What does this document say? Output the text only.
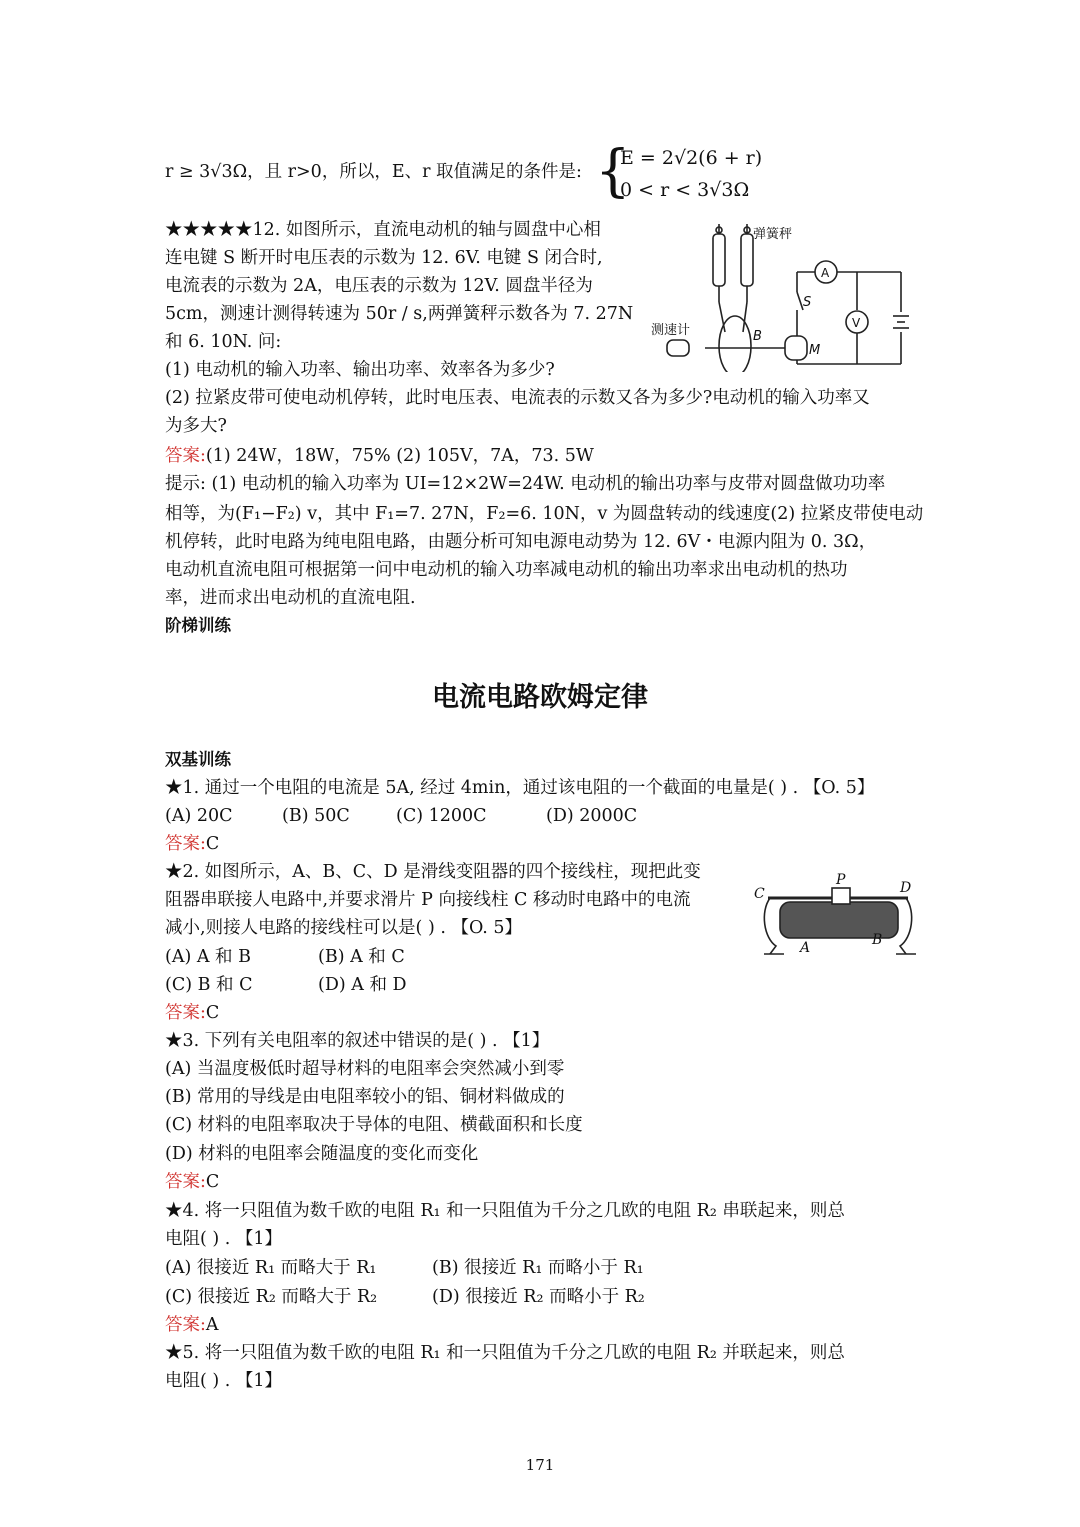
r ≥ 3√3Ω，且 r>0，所以，E、r 取值满足的条件是: {
E = 2√2(6 + r)
0 < r < 3√3Ω
★★★★★12. 如图所示，直流电动机的轴与圆盘中心相
连电键 S 断开时电压表的示数为 12. 6V. 电键 S 闭合时,
电流表的示数为 2A，电压表的示数为 12V. 圆盘半径为
5cm，测速计测得转速为 50r / s,两弹簧秤示数各为 7. 27N
和 6. 10N. 问:
(1) 电动机的输入功率、输出功率、效率各为多少?
(2) 拉紧皮带可使电动机停转，此时电压表、电流表的示数又各为多少?电动机的输入功率又
为多大?
答案:(1) 24W，18W，75% (2) 105V，7A，73. 5W
提示: (1) 电动机的输入功率为 UI=12×2W=24W. 电动机的输出功率与皮带对圆盘做功功率
相等，为(F₁−F₂) v，其中 F₁=7. 27N，F₂=6. 10N，v 为圆盘转动的线速度(2) 拉紧皮带使电动
机停转，此时电路为纯电阻电路，由题分析可知电源电动势为 12. 6V・电源内阻为 0. 3Ω，
电动机直流电阻可根据第一问中电动机的输入功率减电动机的输出功率求出电动机的热功
率，进而求出电动机的直流电阻.
阶梯训练
弹簧秤
测速计
A
V
S
B
M
电流电路欧姆定律
双基训练
★1. 通过一个电阻的电流是 5A, 经过 4min，通过该电阻的一个截面的电量是( ) . 【O. 5】
(A) 20C	(B) 50C	(C) 1200C	(D) 2000C
答案:C
★2. 如图所示，A、B、C、D 是滑线变阻器的四个接线柱，现把此变
阻器串联接人电路中,并要求滑片 P 向接线柱 C 移动时电路中的电流
减小,则接人电路的接线柱可以是( ) . 【O. 5】
(A) A 和 B	(B) A 和 C
(C) B 和 C	(D) A 和 D
答案:C
P
C	D
A	B
★3. 下列有关电阻率的叙述中错误的是( ) . 【1】
(A) 当温度极低时超导材料的电阻率会突然减小到零
(B) 常用的导线是由电阻率较小的铝、铜材料做成的
(C) 材料的电阻率取决于导体的电阻、横截面积和长度
(D) 材料的电阻率会随温度的变化而变化
答案:C
★4. 将一只阻值为数千欧的电阻 R₁ 和一只阻值为千分之几欧的电阻 R₂ 串联起来，则总
电阻( ) . 【1】
(A) 很接近 R₁ 而略大于 R₁	(B) 很接近 R₁ 而略小于 R₁
(C) 很接近 R₂ 而略大于 R₂	(D) 很接近 R₂ 而略小于 R₂
答案:A
★5. 将一只阻值为数千欧的电阻 R₁ 和一只阻值为千分之几欧的电阻 R₂ 并联起来，则总
电阻( ) . 【1】
171
